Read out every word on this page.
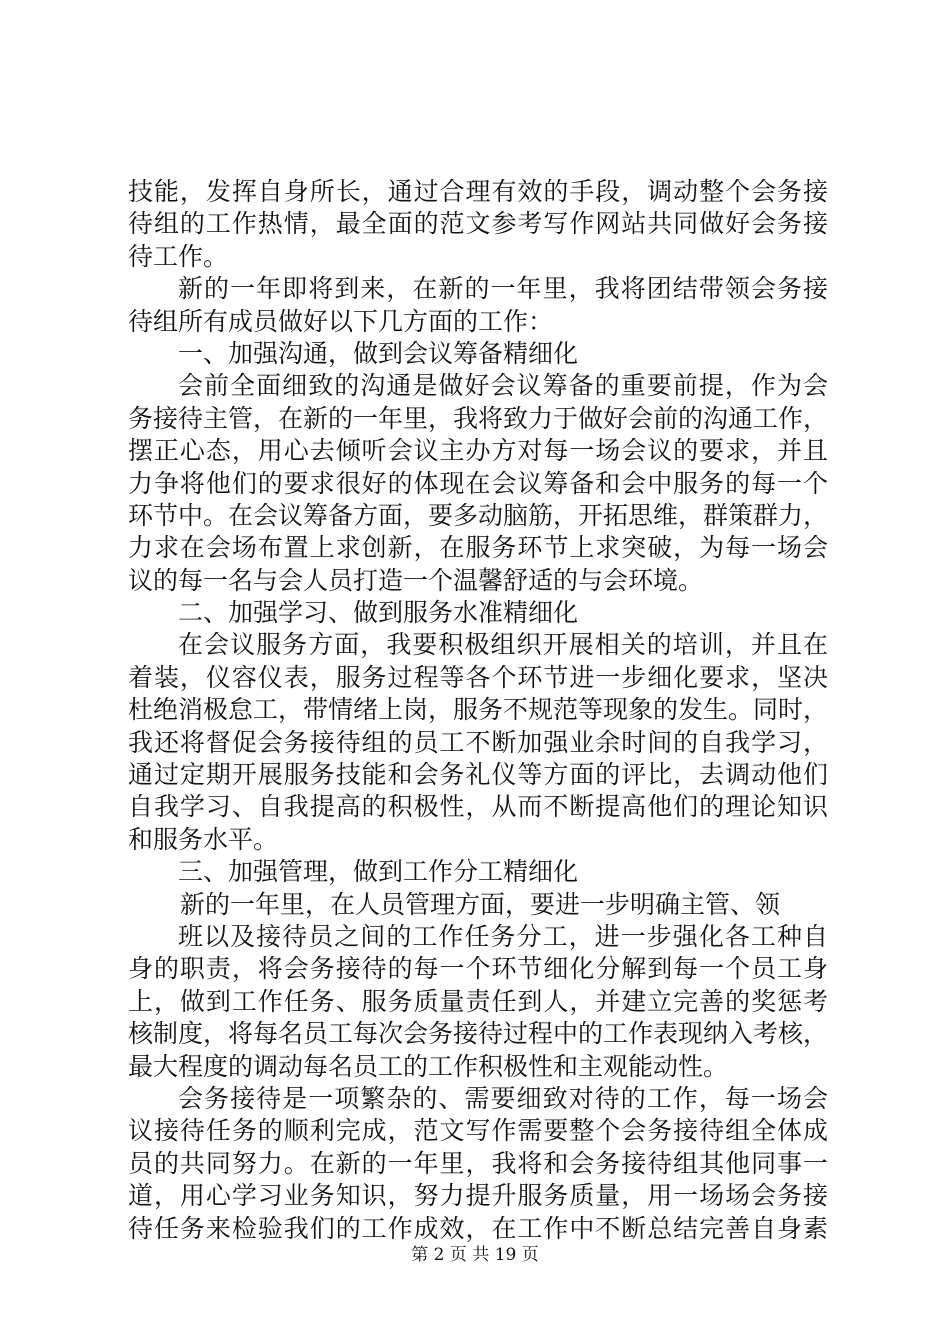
技能，发挥自身所长，通过合理有效的手段，调动整个会务接
待组的工作热情，最全面的范文参考写作网站共同做好会务接
待工作。
新的一年即将到来，在新的一年里，我将团结带领会务接
待组所有成员做好以下几方面的工作：
一、加强沟通，做到会议筹备精细化
会前全面细致的沟通是做好会议筹备的重要前提，作为会
务接待主管，在新的一年里，我将致力于做好会前的沟通工作，
摆正心态，用心去倾听会议主办方对每一场会议的要求，并且
力争将他们的要求很好的体现在会议筹备和会中服务的每一个
环节中。在会议筹备方面，要多动脑筋，开拓思维，群策群力，
力求在会场布置上求创新，在服务环节上求突破，为每一场会
议的每一名与会人员打造一个温馨舒适的与会环境。
二、加强学习、做到服务水准精细化
在会议服务方面，我要积极组织开展相关的培训，并且在
着装，仪容仪表，服务过程等各个环节进一步细化要求，坚决
杜绝消极怠工，带情绪上岗，服务不规范等现象的发生。同时，
我还将督促会务接待组的员工不断加强业余时间的自我学习，
通过定期开展服务技能和会务礼仪等方面的评比，去调动他们
自我学习、自我提高的积极性，从而不断提高他们的理论知识
和服务水平。
三、加强管理，做到工作分工精细化
新的一年里，在人员管理方面，要进一步明确主管、领
班以及接待员之间的工作任务分工，进一步强化各工种自
身的职责，将会务接待的每一个环节细化分解到每一个员工身
上，做到工作任务、服务质量责任到人，并建立完善的奖惩考
核制度，将每名员工每次会务接待过程中的工作表现纳入考核，
最大程度的调动每名员工的工作积极性和主观能动性。
会务接待是一项繁杂的、需要细致对待的工作，每一场会
议接待任务的顺利完成，范文写作需要整个会务接待组全体成
员的共同努力。在新的一年里，我将和会务接待组其他同事一
道，用心学习业务知识，努力提升服务质量，用一场场会务接
待任务来检验我们的工作成效，在工作中不断总结完善自身素
第 2 页 共 19 页
